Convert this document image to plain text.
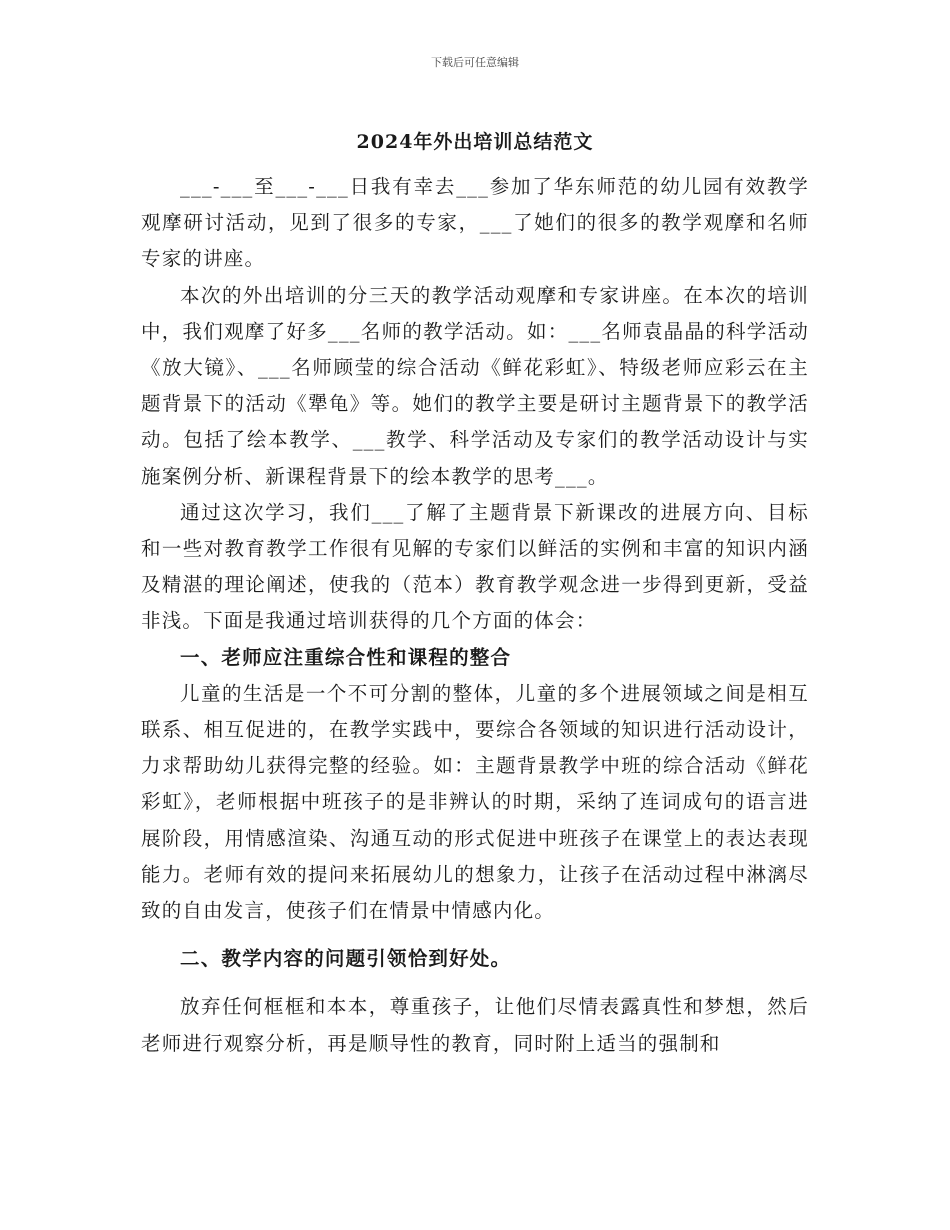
下载后可任意编辑
2024年外出培训总结范文

___-___至___-___日我有幸去___参加了华东师范的幼儿园有效教学观摩研讨活动，见到了很多的专家，___了她们的很多的教学观摩和名师专家的讲座。

本次的外出培训的分三天的教学活动观摩和专家讲座。在本次的培训中，我们观摩了好多___名师的教学活动。如：___名师袁晶晶的科学活动《放大镜》、___名师顾莹的综合活动《鲜花彩虹》、特级老师应彩云在主题背景下的活动《犟龟》等。她们的教学主要是研讨主题背景下的教学活动。包括了绘本教学、___教学、科学活动及专家们的教学活动设计与实施案例分析、新课程背景下的绘本教学的思考___。

通过这次学习，我们___了解了主题背景下新课改的进展方向、目标和一些对教育教学工作很有见解的专家们以鲜活的实例和丰富的知识内涵及精湛的理论阐述，使我的（范本）教育教学观念进一步得到更新，受益非浅。下面是我通过培训获得的几个方面的体会：

一、老师应注重综合性和课程的整合

儿童的生活是一个不可分割的整体，儿童的多个进展领域之间是相互联系、相互促进的，在教学实践中，要综合各领域的知识进行活动设计，力求帮助幼儿获得完整的经验。如：主题背景教学中班的综合活动《鲜花彩虹》，老师根据中班孩子的是非辨认的时期，采纳了连词成句的语言进展阶段，用情感渲染、沟通互动的形式促进中班孩子在课堂上的表达表现能力。老师有效的提问来拓展幼儿的想象力，让孩子在活动过程中淋漓尽致的自由发言，使孩子们在情景中情感内化。

二、教学内容的问题引领恰到好处。

放弃任何框框和本本，尊重孩子，让他们尽情表露真性和梦想，然后老师进行观察分析，再是顺导性的教育，同时附上适当的强制和
